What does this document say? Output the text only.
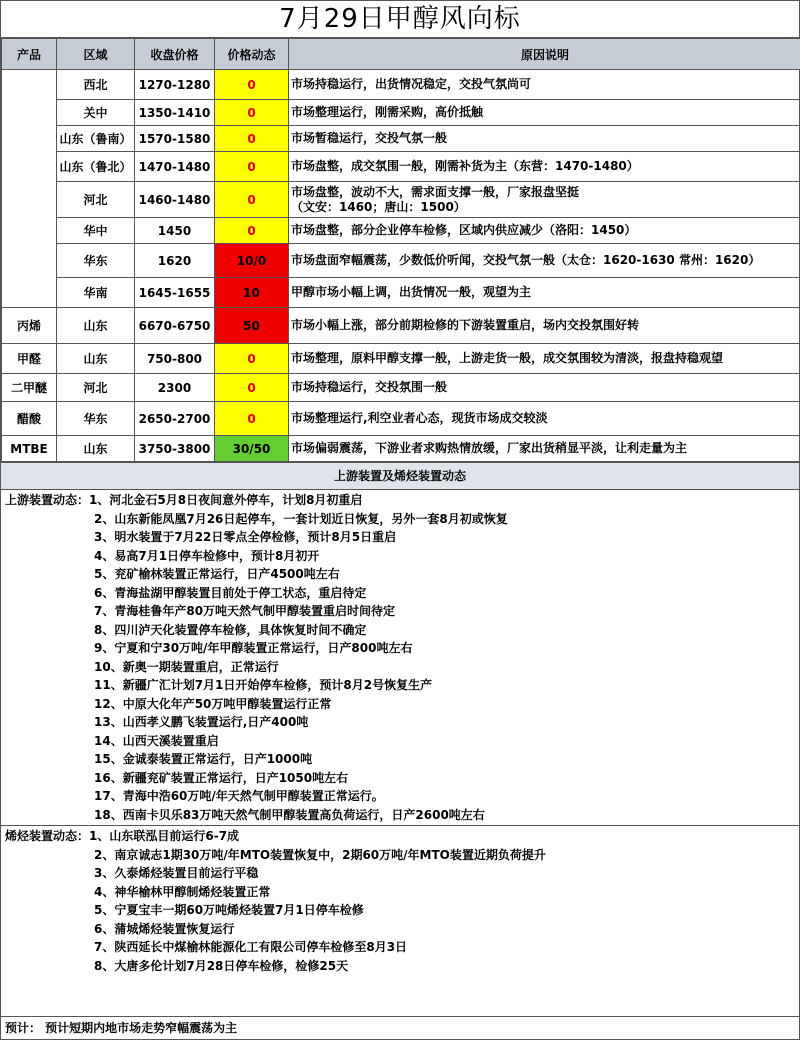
7月29日甲醇风向标
产品	区域	收盘价格	价格动态	原因说明
	西北	1270-1280	0	市场持稳运行，出货情况稳定，交投气氛尚可

	关中	1350-1410	0	市场整理运行，刚需采购，高价抵触

	山东（鲁南）	1570-1580	0	市场暂稳运行，交投气氛一般

	山东（鲁北）	1470-1480	0	市场盘整，成交氛围一般，刚需补货为主（东营：1470-1480）

	河北	1460-1480	0	市场盘整，波动不大，需求面支撑一般，厂家报盘坚挺
（文安：1460；唐山：1500）

	华中	1450	0	市场盘整，部分企业停车检修，区域内供应减少（洛阳：1450）

	华东	1620	10/0	市场盘面窄幅震荡，少数低价听闻，交投气氛一般（太仓：1620-1630 常州：1620）

	华南	1645-1655	10	甲醇市场小幅上调，出货情况一般，观望为主

丙烯	山东	6670-6750	50	市场小幅上涨，部分前期检修的下游装置重启，场内交投氛围好转

甲醛	山东	750-800	0	市场整理，原料甲醇支撑一般，上游走货一般，成交氛围较为清淡，报盘持稳观望

二甲醚	河北	2300	0	市场持稳运行，交投氛围一般

醋酸	华东	2650-2700	0	市场整理运行,利空业者心态，现货市场成交较淡

MTBE	山东	3750-3800	30/50	市场偏弱震荡，下游业者求购热情放缓，厂家出货稍显平淡，让利走量为主
上游装置及烯烃装置动态
上游装置动态：1、河北金石5月8日夜间意外停车，计划8月初重启
2、山东新能凤凰7月26日起停车，一套计划近日恢复，另外一套8月初或恢复
3、明水装置于7月22日零点全停检修，预计8月5日重启
4、易高7月1日停车检修中，预计8月初开
5、兖矿榆林装置正常运行，日产4500吨左右
6、青海盐湖甲醇装置目前处于停工状态，重启待定
7、青海桂鲁年产80万吨天然气制甲醇装置重启时间待定
8、四川泸天化装置停车检修，具体恢复时间不确定
9、宁夏和宁30万吨/年甲醇装置正常运行，日产800吨左右
10、新奥一期装置重启，正常运行
11、新疆广汇计划7月1日开始停车检修，预计8月2号恢复生产
12、中原大化年产50万吨甲醇装置运行正常
13、山西孝义鹏飞装置运行,日产400吨
14、山西天溪装置重启
15、金诚泰装置正常运行，日产1000吨
16、新疆兖矿装置正常运行，日产1050吨左右
17、青海中浩60万吨/年天然气制甲醇装置正常运行。
18、西南卡贝乐83万吨天然气制甲醇装置高负荷运行，日产2600吨左右
烯烃装置动态：1、山东联泓目前运行6-7成
2、南京诚志1期30万吨/年MTO装置恢复中，2期60万吨/年MTO装置近期负荷提升
3、久泰烯烃装置目前运行平稳
4、神华榆林甲醇制烯烃装置正常
5、宁夏宝丰一期60万吨烯烃装置7月1日停车检修
6、蒲城烯烃装置恢复运行
7、陕西延长中煤榆林能源化工有限公司停车检修至8月3日
8、大唐多伦计划7月28日停车检修，检修25天
预计： 预计短期内地市场走势窄幅震荡为主
